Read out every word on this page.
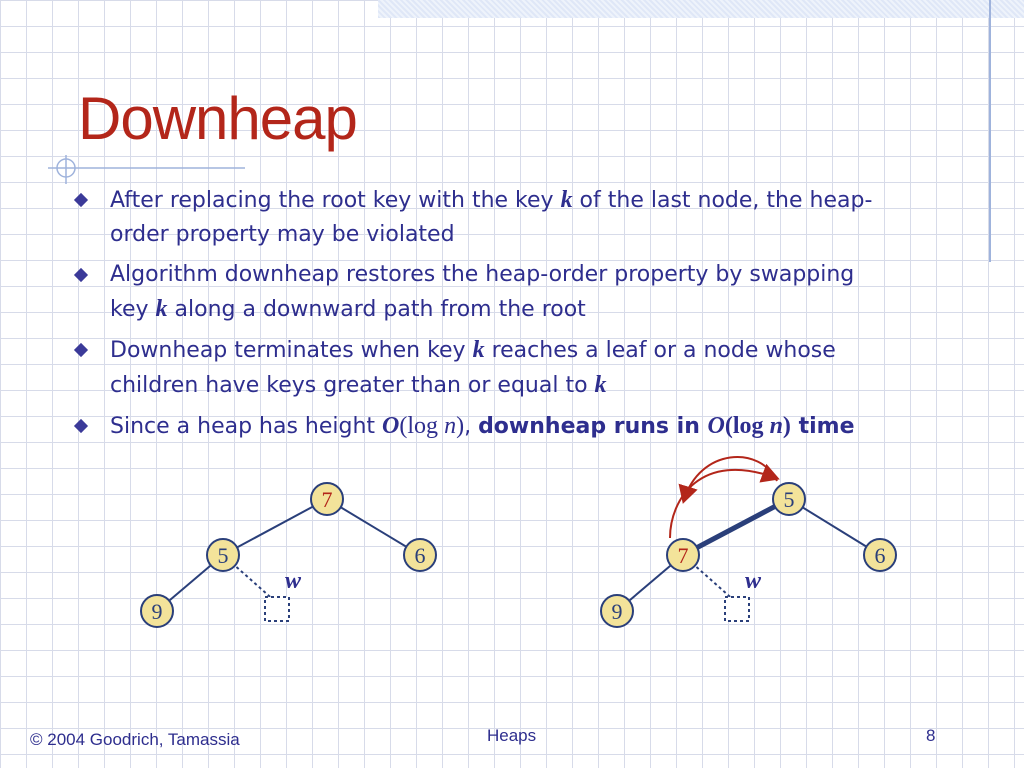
Downheap
After replacing the root key with the key k of the last node, the heap-
order property may be violated
Algorithm downheap restores the heap-order property by swapping
key k along a downward path from the root
Downheap terminates when key k reaches a leaf or a node whose
children have keys greater than or equal to k
Since a heap has height O(log n), downheap runs in O(log n) time
7
5	6
9
w
5
7	6
9
w
© 2004 Goodrich, Tamassia	Heaps	8
